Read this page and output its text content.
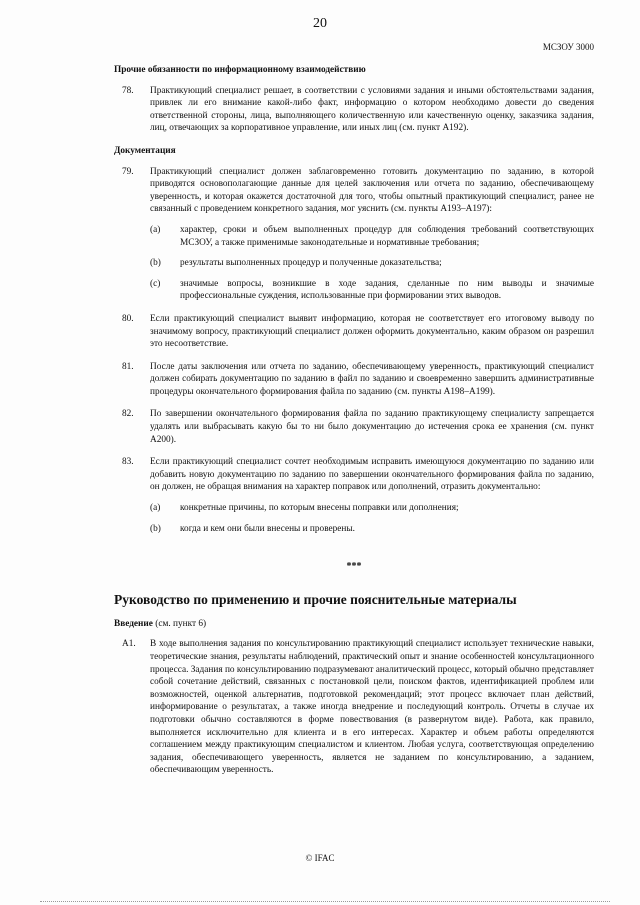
20
МСЗОУ 3000
Прочие обязанности по информационному взаимодействию
78. Практикующий специалист решает, в соответствии с условиями задания и иными обстоятельствами задания, привлек ли его внимание какой-либо факт, информацию о котором необходимо довести до сведения ответственной стороны, лица, выполняющего количественную или качественную оценку, заказчика задания, лиц, отвечающих за корпоративное управление, или иных лиц (см. пункт А192).
Документация
79. Практикующий специалист должен заблаговременно готовить документацию по заданию, в которой приводятся основополагающие данные для целей заключения или отчета по заданию, обеспечивающему уверенность, и которая окажется достаточной для того, чтобы опытный практикующий специалист, ранее не связанный с проведением конкретного задания, мог уяснить (см. пункты А193–А197):
(a) характер, сроки и объем выполненных процедур для соблюдения требований соответствующих МСЗОУ, а также применимые законодательные и нормативные требования;
(b) результаты выполненных процедур и полученные доказательства;
(c) значимые вопросы, возникшие в ходе задания, сделанные по ним выводы и значимые профессиональные суждения, использованные при формировании этих выводов.
80. Если практикующий специалист выявит информацию, которая не соответствует его итоговому выводу по значимому вопросу, практикующий специалист должен оформить документально, каким образом он разрешил это несоответствие.
81. После даты заключения или отчета по заданию, обеспечивающему уверенность, практикующий специалист должен собирать документацию по заданию в файл по заданию и своевременно завершить административные процедуры окончательного формирования файла по заданию (см. пункты А198–А199).
82. По завершении окончательного формирования файла по заданию практикующему специалисту запрещается удалять или выбрасывать какую бы то ни было документацию до истечения срока ее хранения (см. пункт А200).
83. Если практикующий специалист сочтет необходимым исправить имеющуюся документацию по заданию или добавить новую документацию по заданию по завершении окончательного формирования файла по заданию, он должен, не обращая внимания на характер поправок или дополнений, отразить документально:
(a) конкретные причины, по которым внесены поправки или дополнения;
(b) когда и кем они были внесены и проверены.
***
Руководство по применению и прочие пояснительные материалы
Введение (см. пункт 6)
А1. В ходе выполнения задания по консультированию практикующий специалист использует технические навыки, теоретические знания, результаты наблюдений, практический опыт и знание особенностей консультационного процесса. Задания по консультированию подразумевают аналитический процесс, который обычно представляет собой сочетание действий, связанных с постановкой цели, поиском фактов, идентификацией проблем или возможностей, оценкой альтернатив, подготовкой рекомендаций; этот процесс включает план действий, информирование о результатах, а также иногда внедрение и последующий контроль. Отчеты в случае их подготовки обычно составляются в форме повествования (в развернутом виде). Работа, как правило, выполняется исключительно для клиента и в его интересах. Характер и объем работы определяются соглашением между практикующим специалистом и клиентом. Любая услуга, соответствующая определению задания, обеспечивающего уверенность, является не заданием по консультированию, а заданием, обеспечивающим уверенность.
© IFAC
